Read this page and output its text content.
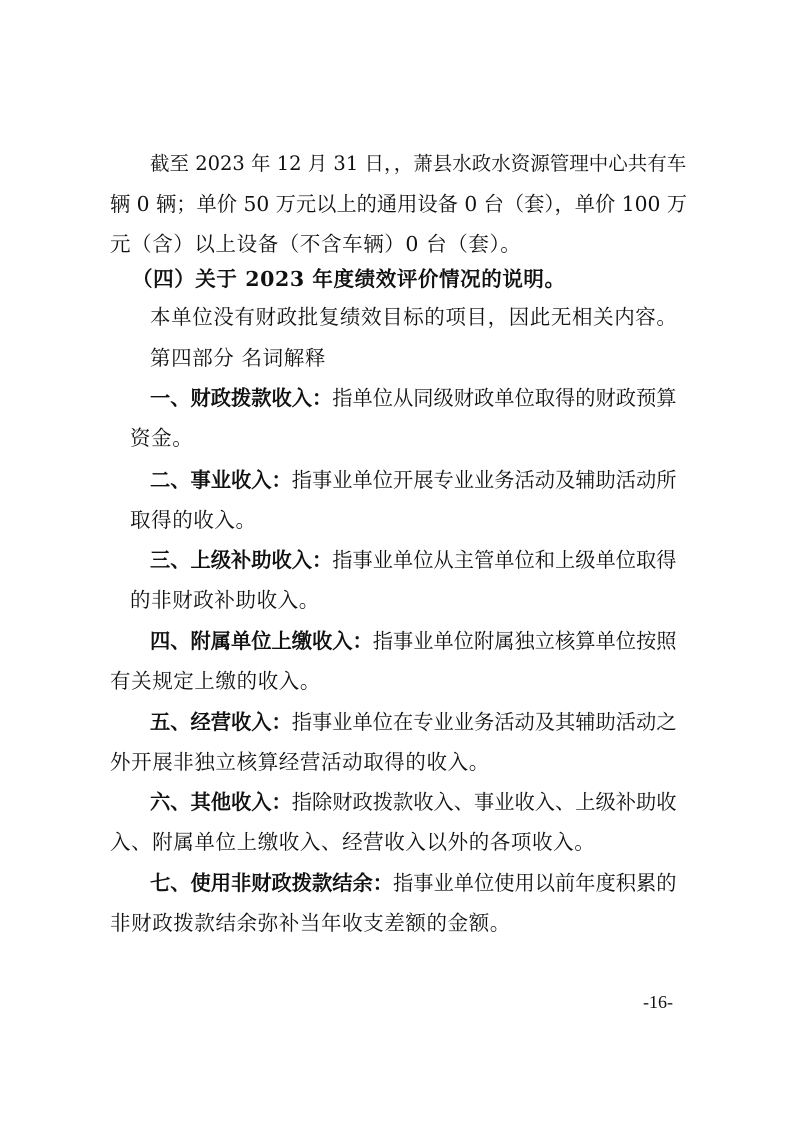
截至 2023 年 12 月 31 日，，萧县水政水资源管理中心共有车
辆 0 辆；单价 50 万元以上的通用设备 0 台（套），单价 100 万
元（含）以上设备（不含车辆）0 台（套）。
（四）关于 2023 年度绩效评价情况的说明。
本单位没有财政批复绩效目标的项目，因此无相关内容。
第四部分 名词解释
一、财政拨款收入：指单位从同级财政单位取得的财政预算
资金。
二、事业收入：指事业单位开展专业业务活动及辅助活动所
取得的收入。
三、上级补助收入：指事业单位从主管单位和上级单位取得
的非财政补助收入。
四、附属单位上缴收入：指事业单位附属独立核算单位按照
有关规定上缴的收入。
五、经营收入：指事业单位在专业业务活动及其辅助活动之
外开展非独立核算经营活动取得的收入。
六、其他收入：指除财政拨款收入、事业收入、上级补助收
入、附属单位上缴收入、经营收入以外的各项收入。
七、使用非财政拨款结余：指事业单位使用以前年度积累的
非财政拨款结余弥补当年收支差额的金额。
-16-
